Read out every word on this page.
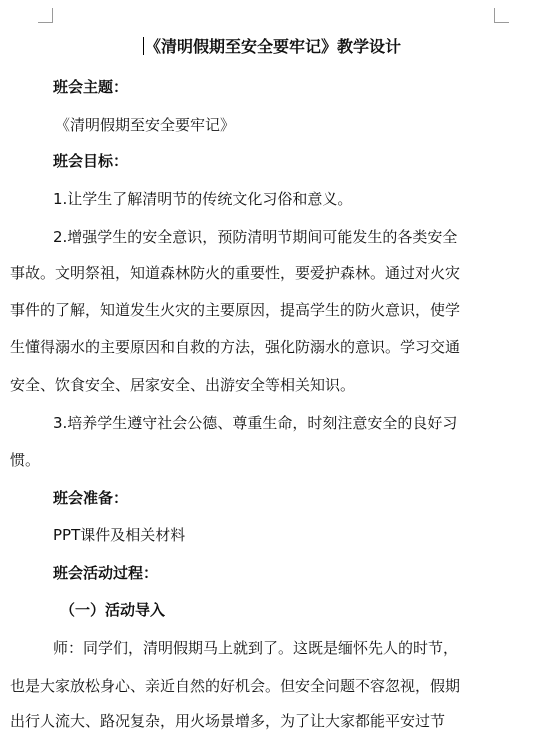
《清明假期至安全要牢记》教学设计
班会主题：
《清明假期至安全要牢记》
班会目标：
1.让学生了解清明节的传统文化习俗和意义。
2.增强学生的安全意识，预防清明节期间可能发生的各类安全
事故。文明祭祖，知道森林防火的重要性，要爱护森林。通过对火灾
事件的了解，知道发生火灾的主要原因，提高学生的防火意识，使学
生懂得溺水的主要原因和自救的方法，强化防溺水的意识。学习交通
安全、饮食安全、居家安全、出游安全等相关知识。
3.培养学生遵守社会公德、尊重生命，时刻注意安全的良好习
惯。
班会准备：
PPT课件及相关材料
班会活动过程：
（一）活动导入
师：同学们，清明假期马上就到了。这既是缅怀先人的时节，
也是大家放松身心、亲近自然的好机会。但安全问题不容忽视，假期
出行人流大、路况复杂，用火场景增多，为了让大家都能平安过节
